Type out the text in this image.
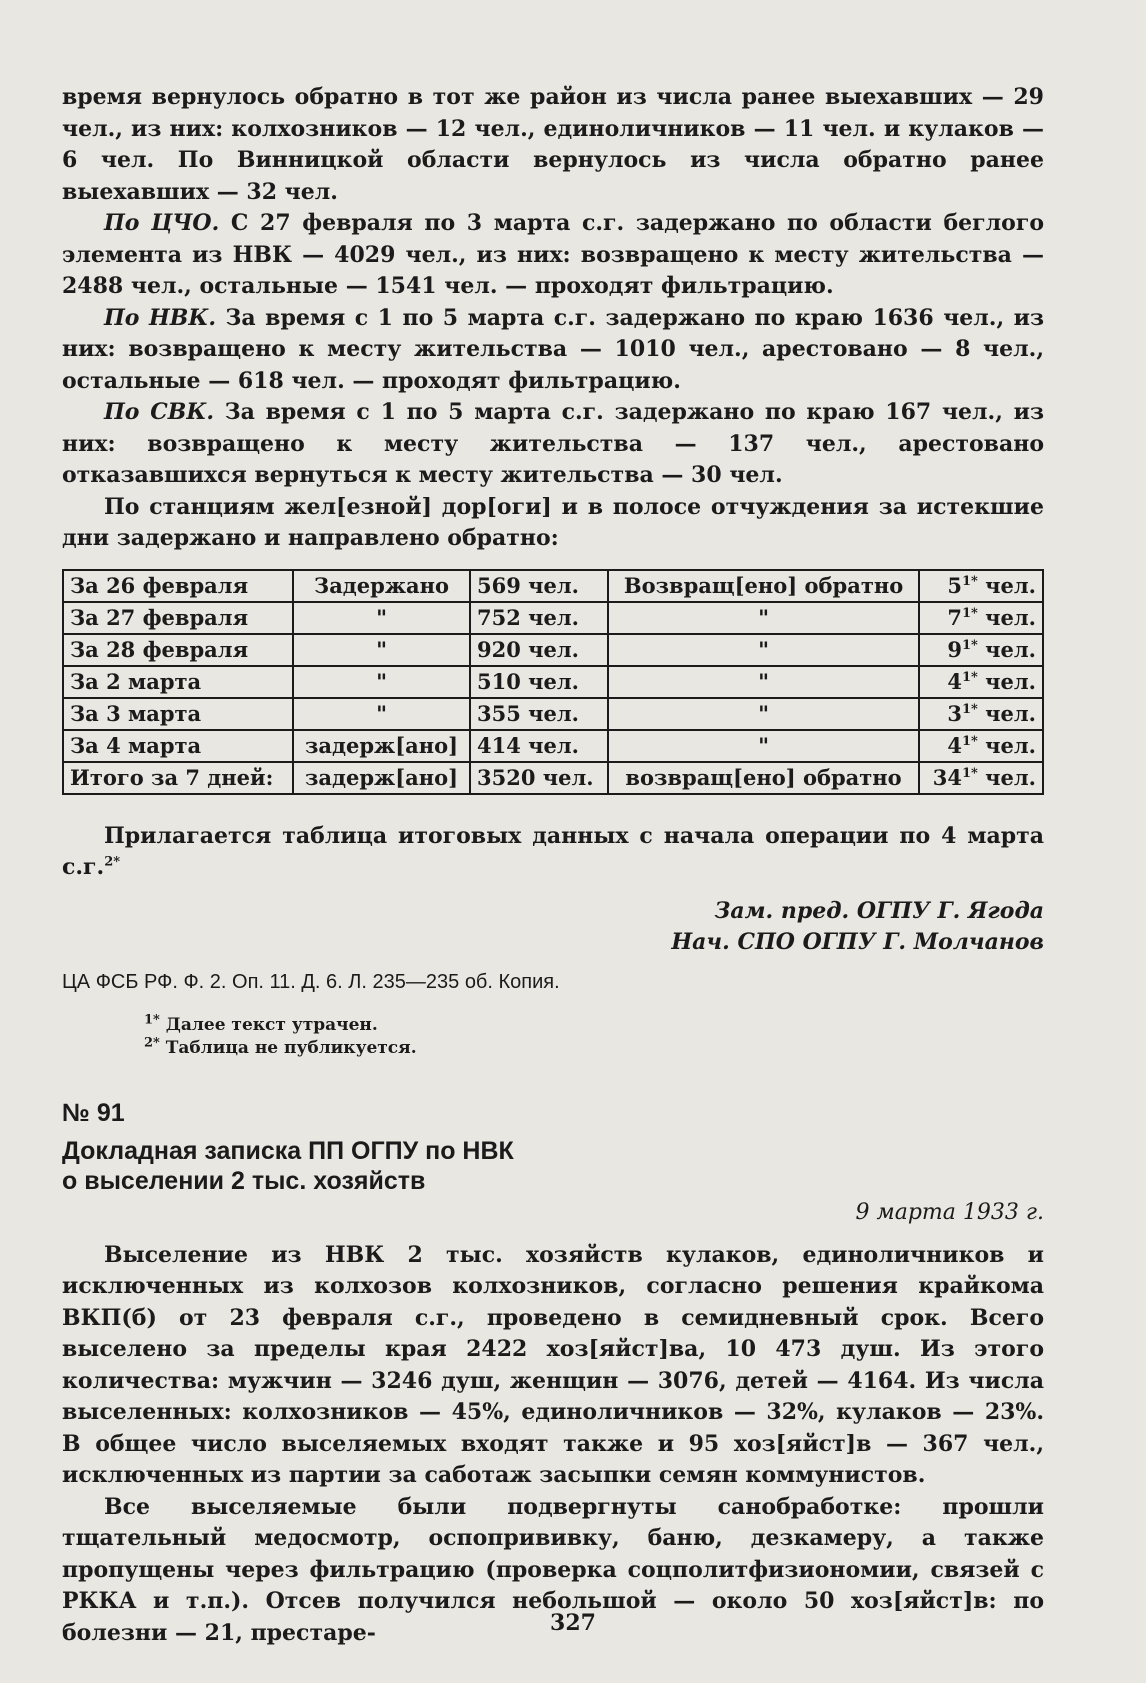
время вернулось обратно в тот же район из числа ранее выехавших — 29 чел., из них: колхозников — 12 чел., единоличников — 11 чел. и кулаков — 6 чел. По Винницкой области вернулось из числа обратно ранее выехавших — 32 чел.

По ЦЧО. С 27 февраля по 3 марта с.г. задержано по области беглого элемента из НВК — 4029 чел., из них: возвращено к месту жительства — 2488 чел., остальные — 1541 чел. — проходят фильтрацию.

По НВК. За время с 1 по 5 марта с.г. задержано по краю 1636 чел., из них: возвращено к месту жительства — 1010 чел., арестовано — 8 чел., остальные — 618 чел. — проходят фильтрацию.

По СВК. За время с 1 по 5 марта с.г. задержано по краю 167 чел., из них: возвращено к месту жительства — 137 чел., арестовано отказавшихся вернуться к месту жительства — 30 чел.

По станциям жел[езной] дор[оги] и в полосе отчуждения за истекшие дни задержано и направлено обратно:

За 26 февраля	Задержано	569 чел.	Возвращ[ено] обратно	$5^{1*}$ чел.
За 27 февраля	"	752 чел.	"	$7^{1*}$ чел.
За 28 февраля	"	920 чел.	"	$9^{1*}$ чел.
За 2 марта	"	510 чел.	"	$4^{1*}$ чел.
За 3 марта	"	355 чел.	"	$3^{1*}$ чел.
За 4 марта	задерж[ано]	414 чел.	"	$4^{1*}$ чел.
Итого за 7 дней:	задерж[ано]	3520 чел.	возвращ[ено] обратно	$34^{1*}$ чел.

Прилагается таблица итоговых данных с начала операции по 4 марта с.г.$^{2*}$

Зам. пред. ОГПУ Г. Ягода
Нач. СПО ОГПУ Г. Молчанов
ЦА ФСБ РФ. Ф. 2. Оп. 11. Д. 6. Л. 235—235 об. Копия.
$^{1*}$ Далее текст утрачен.
$^{2*}$ Таблица не публикуется.
№ 91
Докладная записка ПП ОГПУ по НВК
о выселении 2 тыс. хозяйств
9 марта 1933 г.

Выселение из НВК 2 тыс. хозяйств кулаков, единоличников и исключенных из колхозов колхозников, согласно решения крайкома ВКП(б) от 23 февраля с.г., проведено в семидневный срок. Всего выселено за пределы края 2422 хоз[яйст]ва, 10 473 душ. Из этого количества: мужчин — 3246 душ, женщин — 3076, детей — 4164. Из числа выселенных: колхозников — 45%, единоличников — 32%, кулаков — 23%. В общее число выселяемых входят также и 95 хоз[яйст]в — 367 чел., исключенных из партии за саботаж засыпки семян коммунистов.

Все выселяемые были подвергнуты санобработке: прошли тщательный медосмотр, оспопрививку, баню, дезкамеру, а также пропущены через фильтрацию (проверка соцполитфизиономии, связей с РККА и т.п.). Отсев получился небольшой — около 50 хоз[яйст]в: по болезни — 21, престаре-	327
